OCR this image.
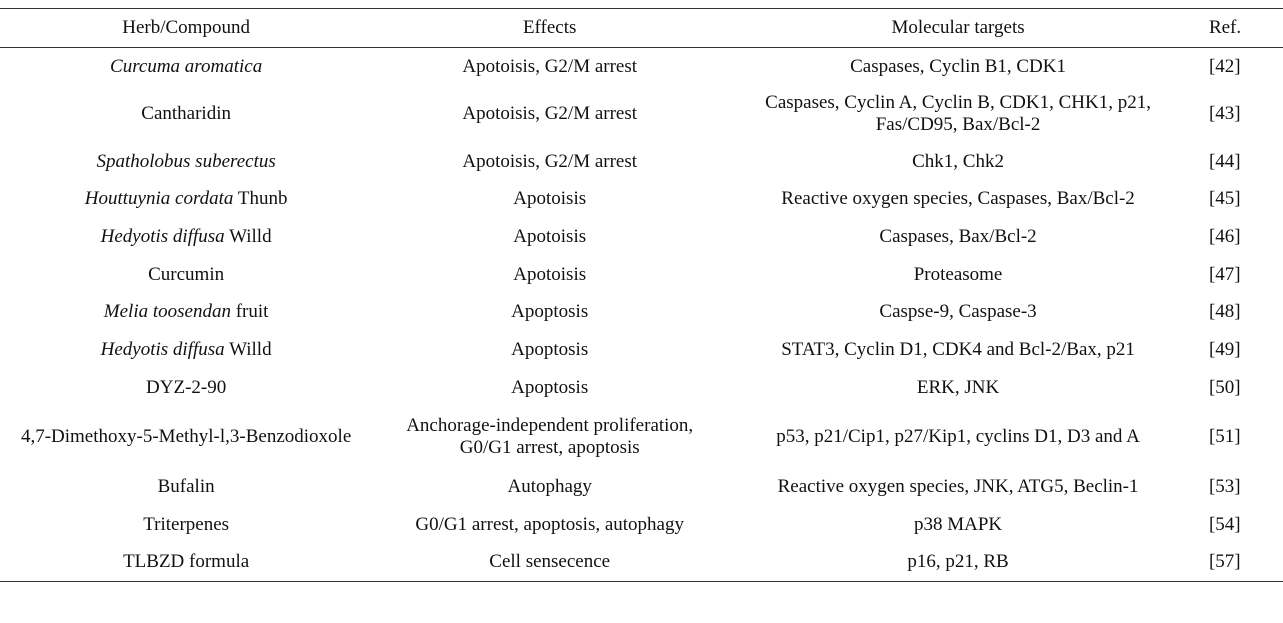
Herb/Compound	Effects	Molecular targets	Ref.
Curcuma aromatica	Apotoisis, G2/M arrest	Caspases, Cyclin B1, CDK1	[42]
Cantharidin	Apotoisis, G2/M arrest	Caspases, Cyclin A, Cyclin B, CDK1, CHK1, p21, Fas/CD95, Bax/Bcl-2	[43]
Spatholobus suberectus	Apotoisis, G2/M arrest	Chk1, Chk2	[44]
Houttuynia cordata Thunb	Apotoisis	Reactive oxygen species, Caspases, Bax/Bcl-2	[45]
Hedyotis diffusa Willd	Apotoisis	Caspases, Bax/Bcl-2	[46]
Curcumin	Apotoisis	Proteasome	[47]
Melia toosendan fruit	Apoptosis	Caspse-9, Caspase-3	[48]
Hedyotis diffusa Willd	Apoptosis	STAT3, Cyclin D1, CDK4 and Bcl-2/Bax, p21	[49]
DYZ-2-90	Apoptosis	ERK, JNK	[50]
4,7-Dimethoxy-5-Methyl-l,3-Benzodioxole	Anchorage-independent proliferation, G0/G1 arrest, apoptosis	p53, p21/Cip1, p27/Kip1, cyclins D1, D3 and A	[51]
Bufalin	Autophagy	Reactive oxygen species, JNK, ATG5, Beclin-1	[53]
Triterpenes	G0/G1 arrest, apoptosis, autophagy	p38 MAPK	[54]
TLBZD formula	Cell sensecence	p16, p21, RB	[57]
